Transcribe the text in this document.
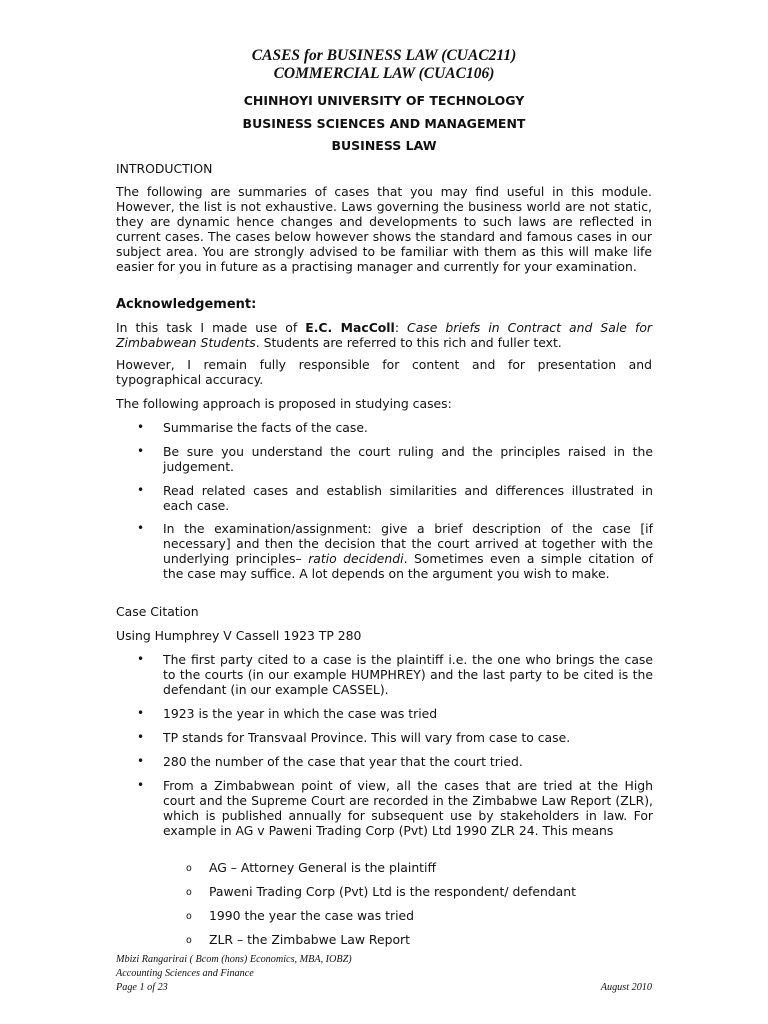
CASES for BUSINESS LAW (CUAC211)
COMMERCIAL LAW (CUAC106)
CHINHOYI UNIVERSITY OF TECHNOLOGY
BUSINESS SCIENCES AND MANAGEMENT
BUSINESS LAW
INTRODUCTION
The following are summaries of cases that you may find useful in this module. However, the list is not exhaustive. Laws governing the business world are not static, they are dynamic hence changes and developments to such laws are reflected in current cases. The cases below however shows the standard and famous cases in our subject area. You are strongly advised to be familiar with them as this will make life easier for you in future as a practising manager and currently for your examination.
Acknowledgement:
In this task I made use of E.C. MacColl: Case briefs in Contract and Sale for Zimbabwean Students. Students are referred to this rich and fuller text.
However, I remain fully responsible for content and for presentation and typographical accuracy.
The following approach is proposed in studying cases:
• Summarise the facts of the case.
• Be sure you understand the court ruling and the principles raised in the judgement.
• Read related cases and establish similarities and differences illustrated in each case.
• In the examination/assignment: give a brief description of the case [if necessary] and then the decision that the court arrived at together with the underlying principles– ratio decidendi. Sometimes even a simple citation of the case may suffice. A lot depends on the argument you wish to make.
Case Citation
Using Humphrey V Cassell 1923 TP 280
• The first party cited to a case is the plaintiff i.e. the one who brings the case to the courts (in our example HUMPHREY) and the last party to be cited is the defendant (in our example CASSEL).
• 1923 is the year in which the case was tried
• TP stands for Transvaal Province. This will vary from case to case.
• 280 the number of the case that year that the court tried.
• From a Zimbabwean point of view, all the cases that are tried at the High court and the Supreme Court are recorded in the Zimbabwe Law Report (ZLR), which is published annually for subsequent use by stakeholders in law. For example in AG v Paweni Trading Corp (Pvt) Ltd 1990 ZLR 24. This means
o AG – Attorney General is the plaintiff
o Paweni Trading Corp (Pvt) Ltd is the respondent/ defendant
o 1990 the year the case was tried
o ZLR – the Zimbabwe Law Report
Mbizi Rangarirai ( Bcom (hons) Economics, MBA, IOBZ)
Accounting Sciences and Finance
Page 1 of 23	August 2010
